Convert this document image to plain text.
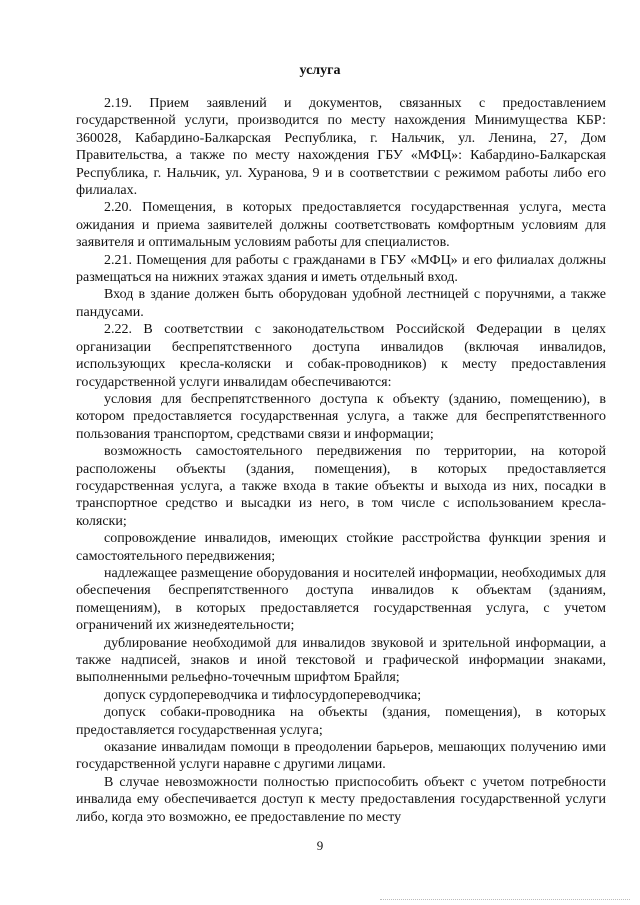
услуга

2.19. Прием заявлений и документов, связанных с предоставлением государственной услуги, производится по месту нахождения Минимущества КБР: 360028, Кабардино-Балкарская Республика, г. Нальчик, ул. Ленина, 27, Дом Правительства, а также по месту нахождения ГБУ «МФЦ»: Кабардино-Балкарская Республика, г. Нальчик, ул. Хуранова, 9 и в соответствии с режимом работы либо его филиалах.

2.20. Помещения, в которых предоставляется государственная услуга, места ожидания и приема заявителей должны соответствовать комфортным условиям для заявителя и оптимальным условиям работы для специалистов.

2.21. Помещения для работы с гражданами в ГБУ «МФЦ» и его филиалах должны размещаться на нижних этажах здания и иметь отдельный вход.

Вход в здание должен быть оборудован удобной лестницей с поручнями, а также пандусами.

2.22. В соответствии с законодательством Российской Федерации в целях организации беспрепятственного доступа инвалидов (включая инвалидов, использующих кресла-коляски и собак-проводников) к месту предоставления государственной услуги инвалидам обеспечиваются:

условия для беспрепятственного доступа к объекту (зданию, помещению), в котором предоставляется государственная услуга, а также для беспрепятственного пользования транспортом, средствами связи и информации;

возможность самостоятельного передвижения по территории, на которой расположены объекты (здания, помещения), в которых предоставляется государственная услуга, а также входа в такие объекты и выхода из них, посадки в транспортное средство и высадки из него, в том числе с использованием кресла-коляски;

сопровождение инвалидов, имеющих стойкие расстройства функции зрения и самостоятельного передвижения;

надлежащее размещение оборудования и носителей информации, необходимых для обеспечения беспрепятственного доступа инвалидов к объектам (зданиям, помещениям), в которых предоставляется государственная услуга, с учетом ограничений их жизнедеятельности;

дублирование необходимой для инвалидов звуковой и зрительной информации, а также надписей, знаков и иной текстовой и графической информации знаками, выполненными рельефно-точечным шрифтом Брайля;

допуск сурдопереводчика и тифлосурдопереводчика;

допуск собаки-проводника на объекты (здания, помещения), в которых предоставляется государственная услуга;

оказание инвалидам помощи в преодолении барьеров, мешающих получению ими государственной услуги наравне с другими лицами.

В случае невозможности полностью приспособить объект с учетом потребности инвалида ему обеспечивается доступ к месту предоставления государственной услуги либо, когда это возможно, ее предоставление по месту

9
